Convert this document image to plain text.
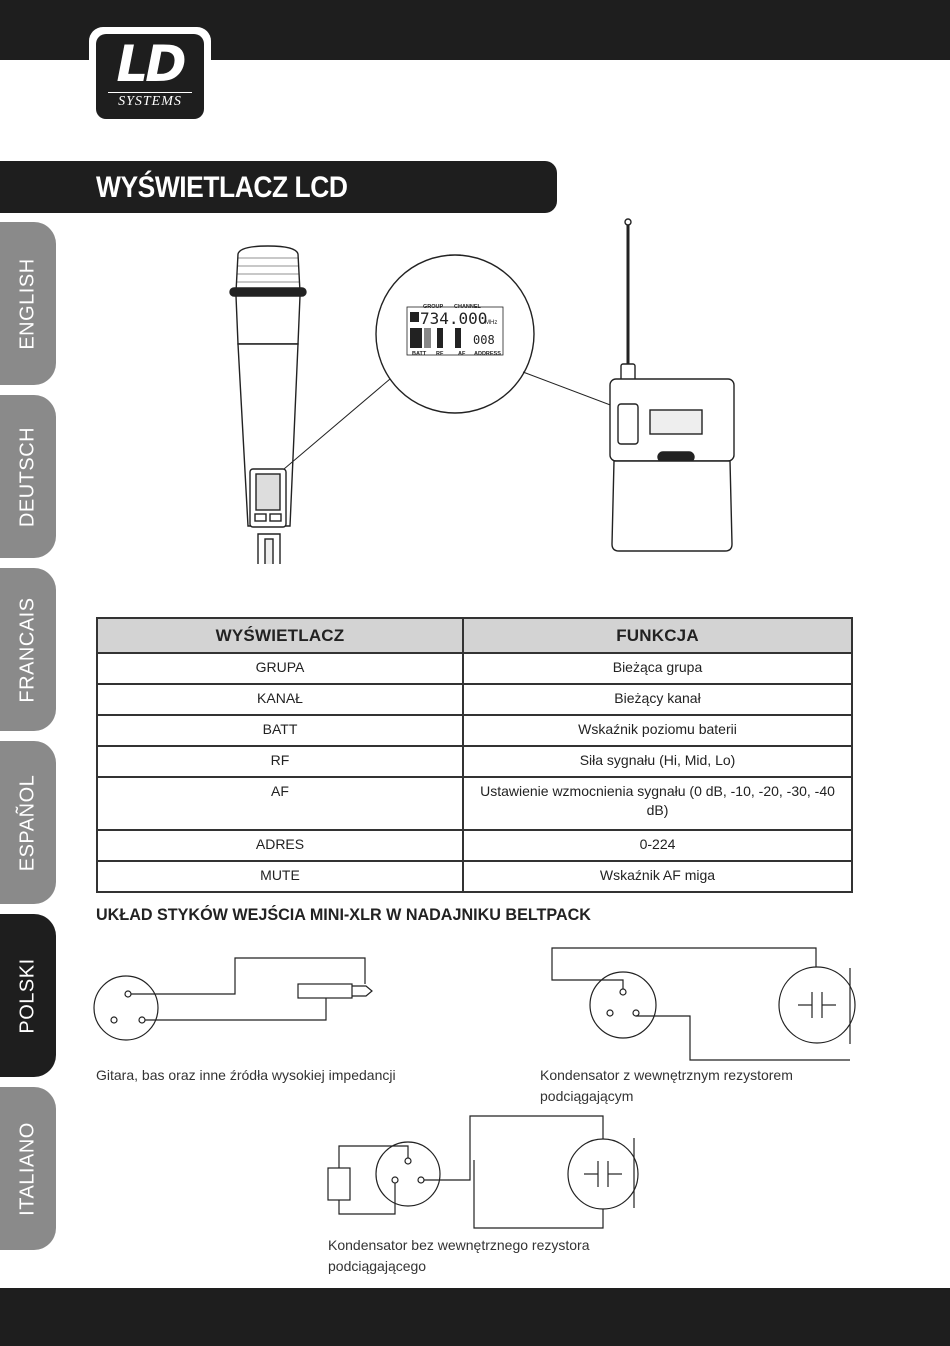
LD
SYSTEMS
WYŚWIETLACZ LCD
ENGLISH
DEUTSCH
FRANCAIS
ESPAÑOL
POLSKI
ITALIANO
GROUP CHANNEL
734.000
MHz
008
BATT RF	AF ADDRESS
WYŚWIETLACZ	FUNKCJA
GRUPA	Bieżąca grupa
KANAŁ	Bieżący kanał
BATT	Wskaźnik poziomu baterii
RF	Siła sygnału (Hi, Mid, Lo)
AF	Ustawienie wzmocnienia sygnału (0 dB, -10, -20, -30, -40 dB)
ADRES	0-224
MUTE	Wskaźnik AF miga
UKŁAD STYKÓW WEJŚCIA MINI-XLR W NADAJNIKU BELTPACK
Gitara, bas oraz inne źródła wysokiej impedancji	Kondensator z wewnętrznym rezystorem podciągającym
Kondensator bez wewnętrznego rezystora podciągającego
